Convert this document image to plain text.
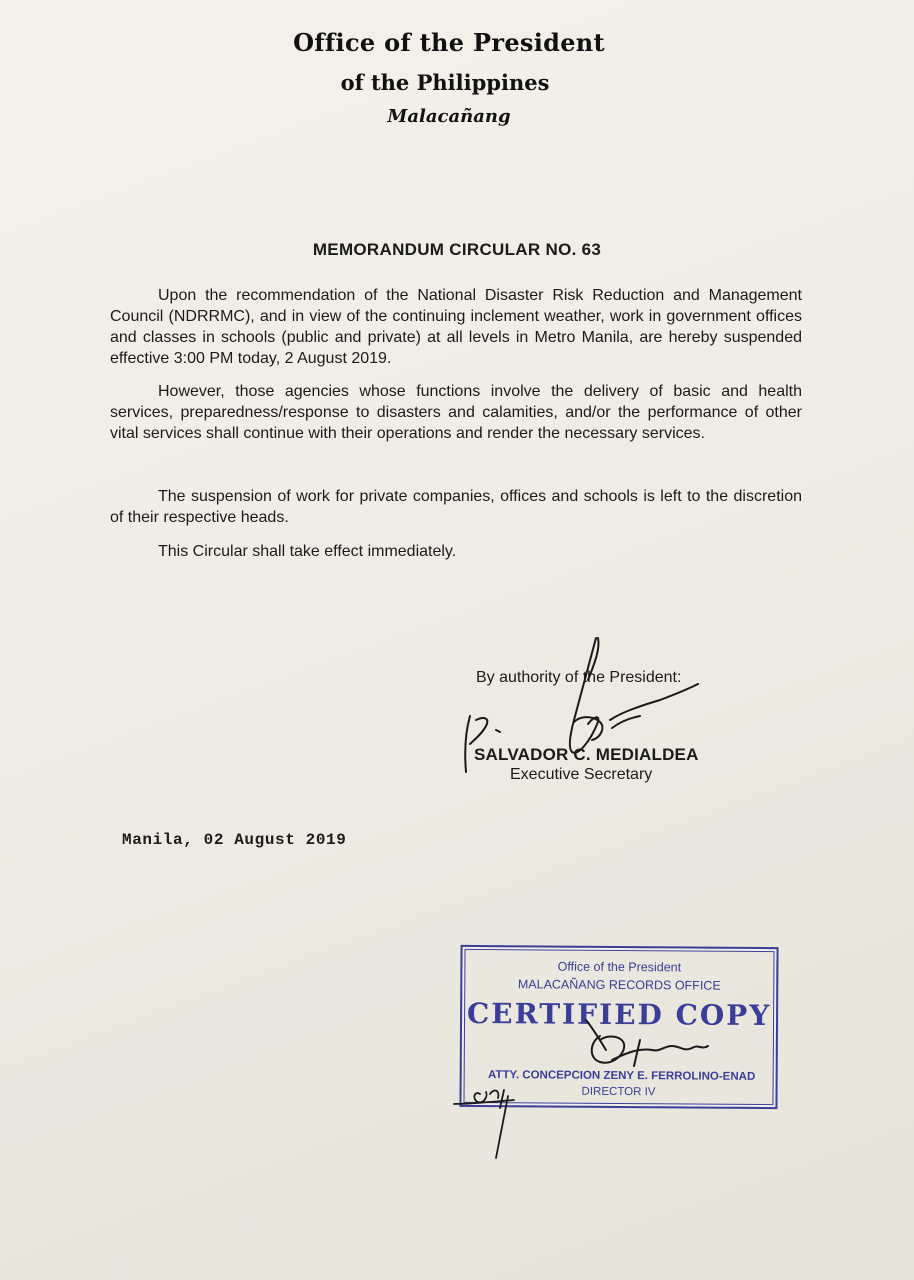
Office of the President
of the Philippines
Malacañang
MEMORANDUM CIRCULAR NO. 63

Upon the recommendation of the National Disaster Risk Reduction and Management Council (NDRRMC), and in view of the continuing inclement weather, work in government offices and classes in schools (public and private) at all levels in Metro Manila, are hereby suspended effective 3:00 PM today, 2 August 2019.

However, those agencies whose functions involve the delivery of basic and health services, preparedness/response to disasters and calamities, and/or the performance of other vital services shall continue with their operations and render the necessary services.

The suspension of work for private companies, offices and schools is left to the discretion of their respective heads.

This Circular shall take effect immediately.

By authority of the President:
SALVADOR C. MEDIALDEA
Executive Secretary
Manila, 02 August 2019
Office of the President
MALACAÑANG RECORDS OFFICE
CERTIFIED COPY
ATTY. CONCEPCION ZENY E. FERROLINO-ENAD
DIRECTOR IV
